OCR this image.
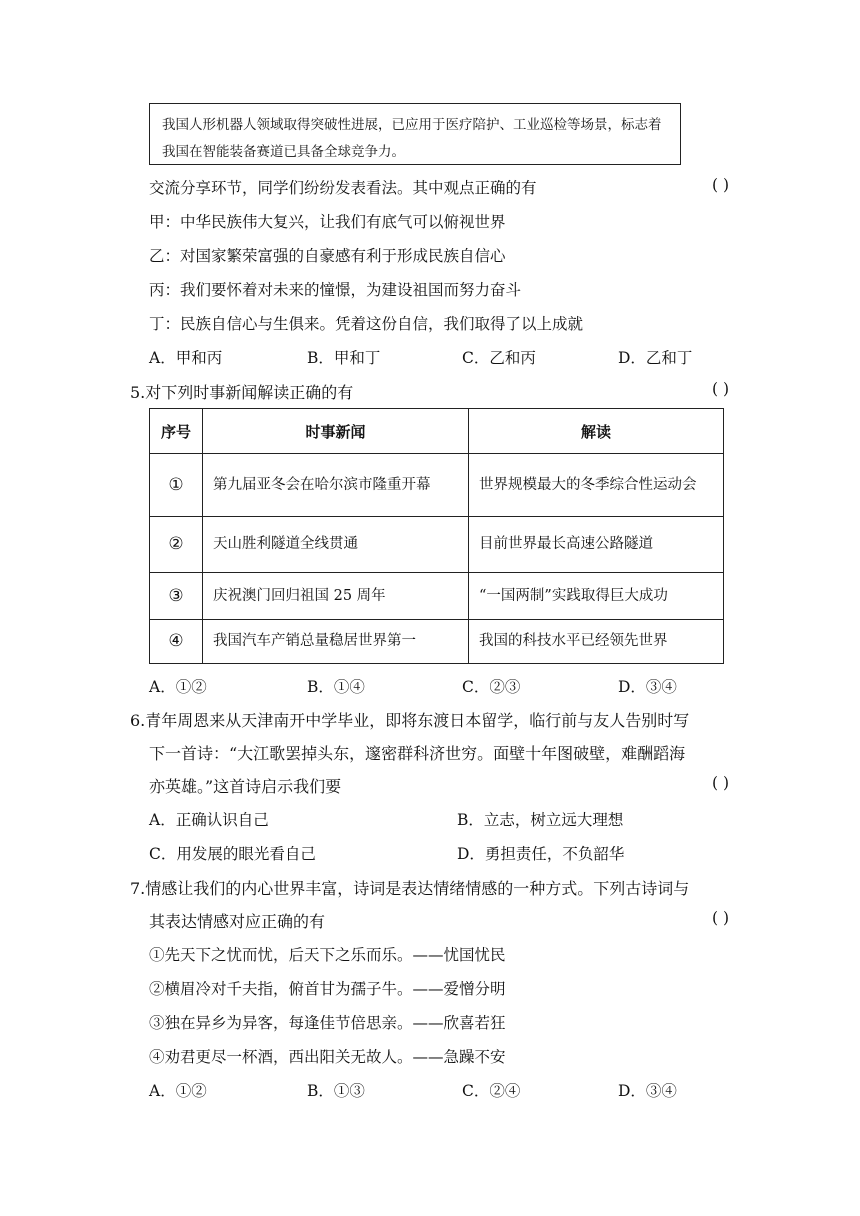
我国人形机器人领域取得突破性进展，已应用于医疗陪护、工业巡检等场景，标志着我国在智能装备赛道已具备全球竞争力。
交流分享环节，同学们纷纷发表看法。其中观点正确的有	( )
甲：中华民族伟大复兴，让我们有底气可以俯视世界
乙：对国家繁荣富强的自豪感有利于形成民族自信心
丙：我们要怀着对未来的憧憬，为建设祖国而努力奋斗
丁：民族自信心与生俱来。凭着这份自信，我们取得了以上成就
A．甲和丙	B．甲和丁	C．乙和丙	D．乙和丁
5.对下列时事新闻解读正确的有	( )
序号	时事新闻	解读
①	第九届亚冬会在哈尔滨市隆重开幕	世界规模最大的冬季综合性运动会
②	天山胜利隧道全线贯通	目前世界最长高速公路隧道
③	庆祝澳门回归祖国 25 周年	“一国两制”实践取得巨大成功
④	我国汽车产销总量稳居世界第一	我国的科技水平已经领先世界
A．①②	B．①④	C．②③	D．③④
6.青年周恩来从天津南开中学毕业，即将东渡日本留学，临行前与友人告别时写
下一首诗：“大江歌罢掉头东，邃密群科济世穷。面壁十年图破壁，难酬蹈海
亦英雄。”这首诗启示我们要	( )
A．正确认识自己	B．立志，树立远大理想
C．用发展的眼光看自己	D．勇担责任，不负韶华
7.情感让我们的内心世界丰富，诗词是表达情绪情感的一种方式。下列古诗词与
其表达情感对应正确的有	( )
①先天下之忧而忧，后天下之乐而乐。——忧国忧民
②横眉冷对千夫指，俯首甘为孺子牛。——爱憎分明
③独在异乡为异客，每逢佳节倍思亲。——欣喜若狂
④劝君更尽一杯酒，西出阳关无故人。——急躁不安
A．①②	B．①③	C．②④	D．③④
